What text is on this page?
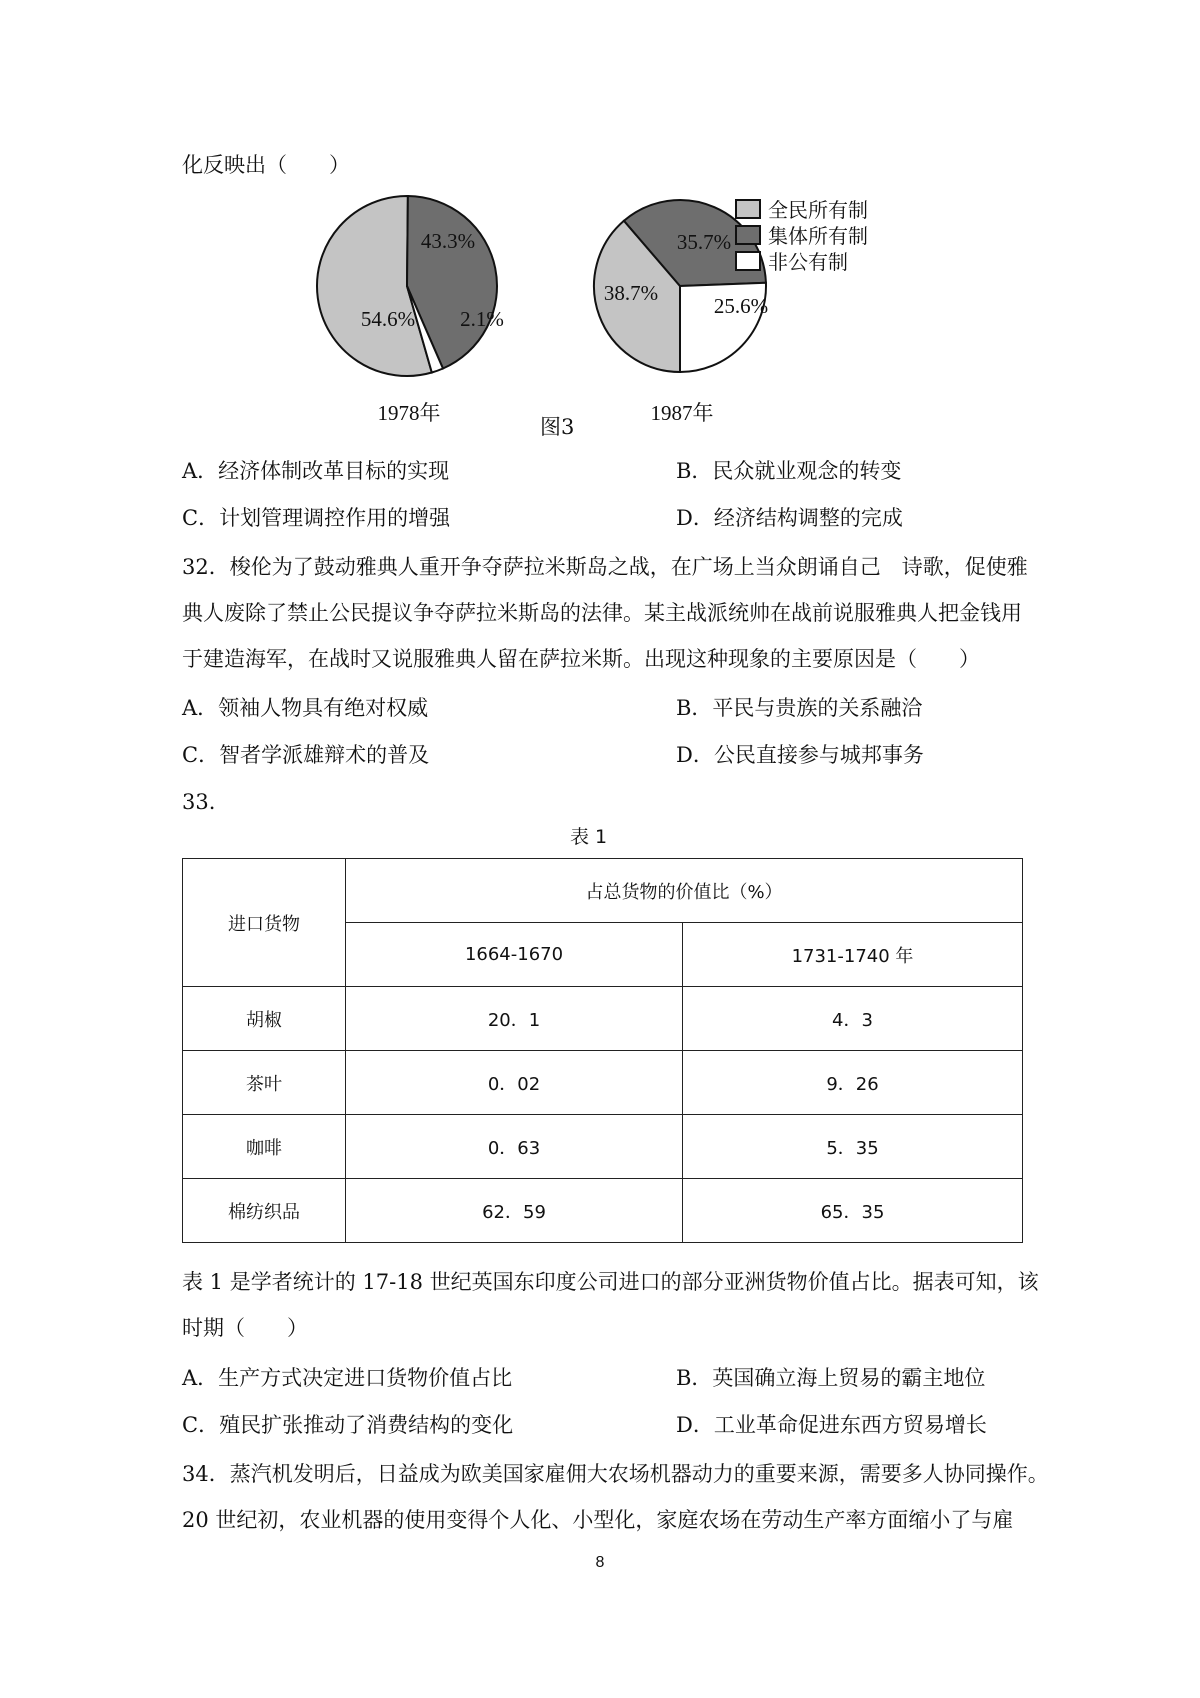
化反映出（　　）
54.6%
43.3%
2.1%
1978年
38.7%
35.7%
25.6%
1987年
全民所有制
集体所有制
非公有制
图3
A．经济体制改革目标的实现	B．民众就业观念的转变
C．计划管理调控作用的增强	D．经济结构调整的完成
32．梭伦为了鼓动雅典人重开争夺萨拉米斯岛之战，在广场上当众朗诵自己　诗歌，促使雅
典人废除了禁止公民提议争夺萨拉米斯岛的法律。某主战派统帅在战前说服雅典人把金钱用
于建造海军，在战时又说服雅典人留在萨拉米斯。出现这种现象的主要原因是（　　）
A．领袖人物具有绝对权威	B．平民与贵族的关系融洽
C．智者学派雄辩术的普及	D．公民直接参与城邦事务
33.
表 1
进口货物	占总货物的价值比（%）	
	1664-1670	1731-1740 年
胡椒	20．1	4．3
茶叶	0．02	9．26
咖啡	0．63	5．35
棉纺织品	62．59	65．35
表 1 是学者统计的 17-18 世纪英国东印度公司进口的部分亚洲货物价值占比。据表可知，该
时期（　　）
A．生产方式决定进口货物价值占比	B．英国确立海上贸易的霸主地位
C．殖民扩张推动了消费结构的变化	D．工业革命促进东西方贸易增长
34．蒸汽机发明后，日益成为欧美国家雇佣大农场机器动力的重要来源，需要多人协同操作。
20 世纪初，农业机器的使用变得个人化、小型化，家庭农场在劳动生产率方面缩小了与雇
8
